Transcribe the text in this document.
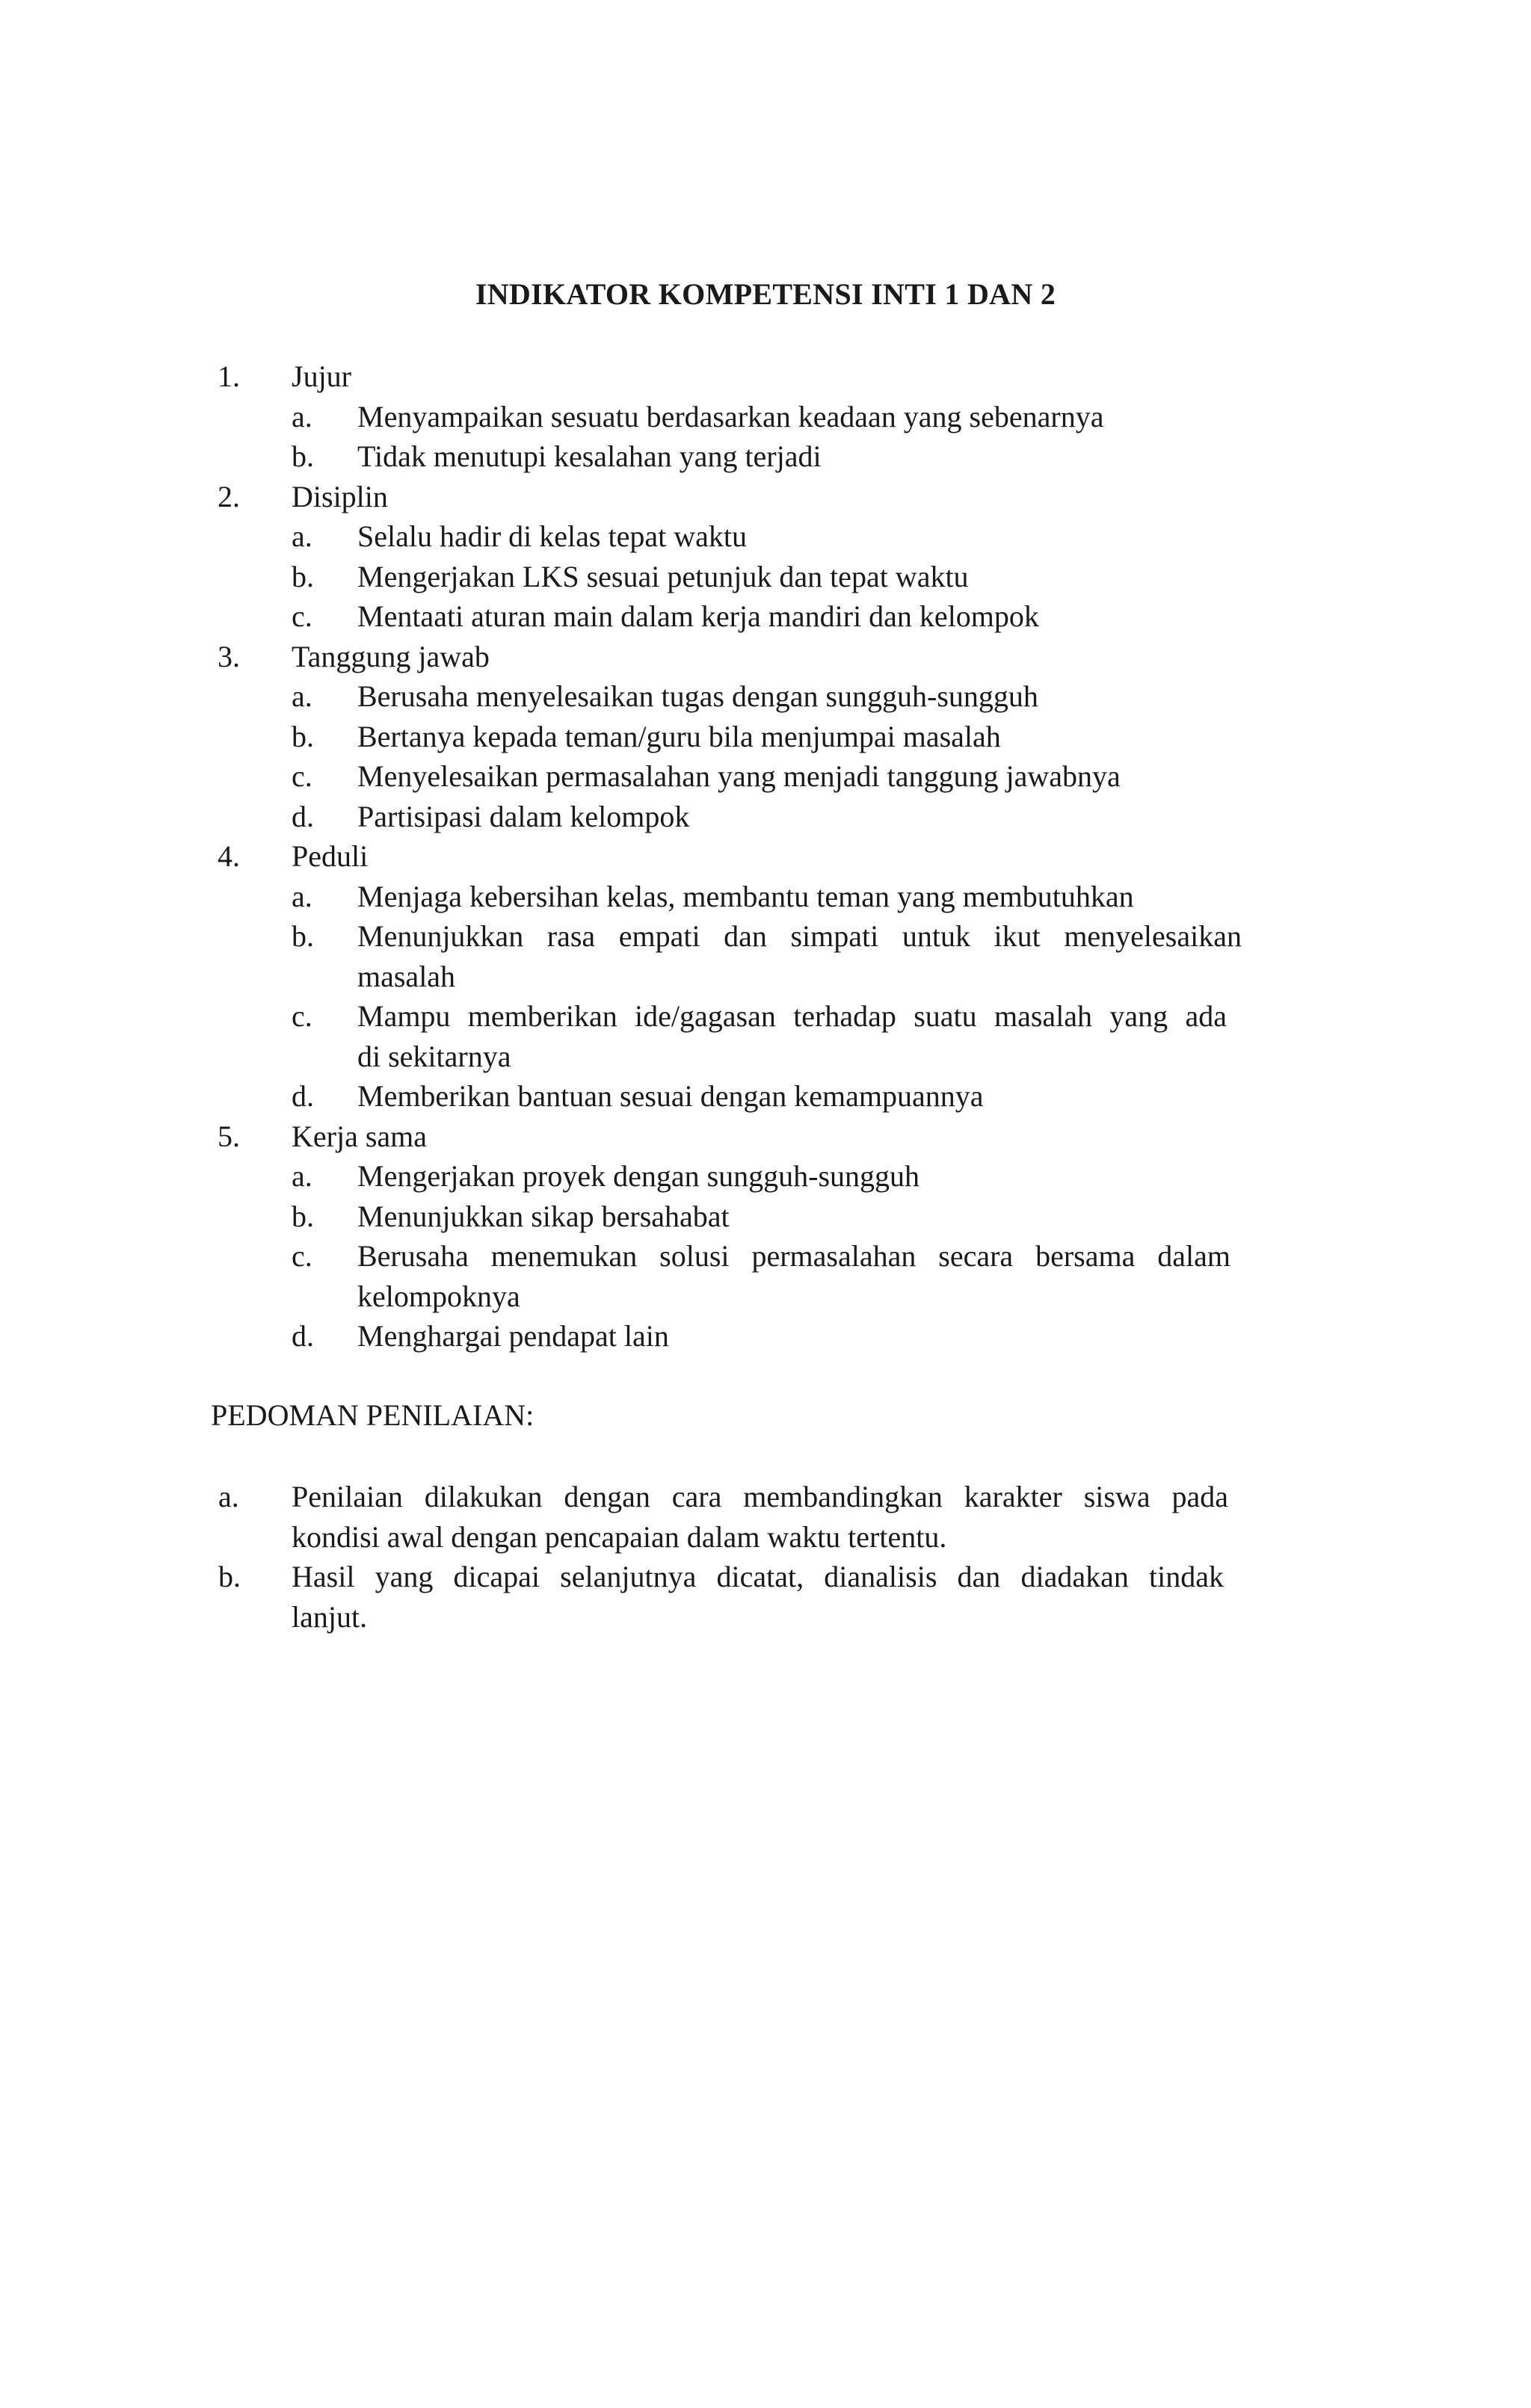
INDIKATOR KOMPETENSI INTI 1 DAN 2
1. Jujur
a. Menyampaikan sesuatu berdasarkan keadaan yang sebenarnya
b. Tidak menutupi kesalahan yang terjadi
2. Disiplin
a. Selalu hadir di kelas tepat waktu
b. Mengerjakan LKS sesuai petunjuk dan tepat waktu
c. Mentaati aturan main dalam kerja mandiri dan kelompok
3. Tanggung jawab
a. Berusaha menyelesaikan tugas dengan sungguh-sungguh
b. Bertanya kepada teman/guru bila menjumpai masalah
c. Menyelesaikan permasalahan yang menjadi tanggung jawabnya
d. Partisipasi dalam kelompok
4. Peduli
a. Menjaga kebersihan kelas, membantu teman yang membutuhkan
b. Menunjukkan rasa empati dan simpati untuk ikut menyelesaikan
masalah
c. Mampu memberikan ide/gagasan terhadap suatu masalah yang ada
di sekitarnya
d. Memberikan bantuan sesuai dengan kemampuannya
5. Kerja sama
a. Mengerjakan proyek dengan sungguh-sungguh
b. Menunjukkan sikap bersahabat
c. Berusaha menemukan solusi permasalahan secara bersama dalam
kelompoknya
d. Menghargai pendapat lain
PEDOMAN PENILAIAN:
a. Penilaian dilakukan dengan cara membandingkan karakter siswa pada
kondisi awal dengan pencapaian dalam waktu tertentu.
b. Hasil yang dicapai selanjutnya dicatat, dianalisis dan diadakan tindak
lanjut.
